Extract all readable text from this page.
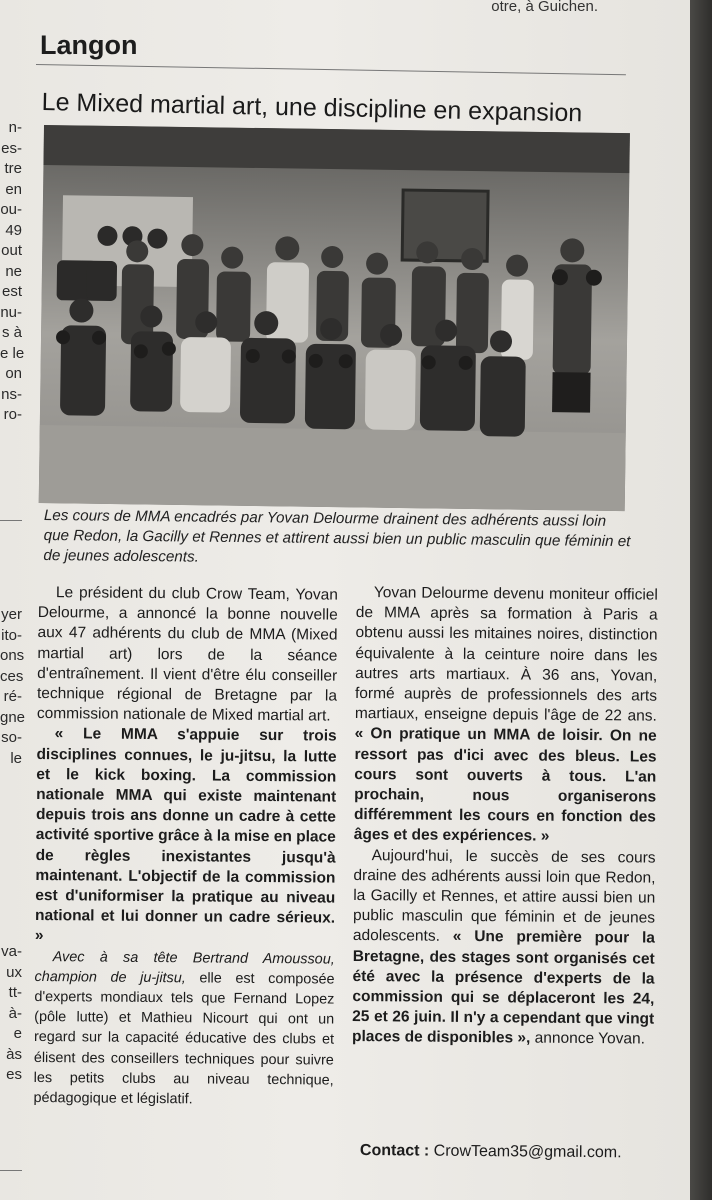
otre, à Guichen.
Langon
Le Mixed martial art, une discipline en expansion
Les cours de MMA encadrés par Yovan Delourme drainent des adhérents aussi loin que Redon, la Gacilly et Rennes et attirent aussi bien un public masculin que féminin et de jeunes adolescents.

Le président du club Crow Team, Yovan Delourme, a annoncé la bonne nouvelle aux 47 adhérents du club de MMA (Mixed martial art) lors de la séance d'entraînement. Il vient d'être élu conseiller technique régional de Bretagne par la commission nationale de Mixed martial art.

« Le MMA s'appuie sur trois disciplines connues, le ju-jitsu, la lutte et le kick boxing. La commission nationale MMA qui existe maintenant depuis trois ans donne un cadre à cette activité sportive grâce à la mise en place de règles inexistantes jusqu'à maintenant. L'objectif de la commission est d'uniformiser la pratique au niveau national et lui donner un cadre sérieux. »

Avec à sa tête Bertrand Amoussou, champion de ju-jitsu, elle est composée d'experts mondiaux tels que Fernand Lopez (pôle lutte) et Mathieu Nicourt qui ont un regard sur la capacité éducative des clubs et élisent des conseillers techniques pour suivre les petits clubs au niveau technique, pédagogique et législatif.

Yovan Delourme devenu moniteur officiel de MMA après sa formation à Paris a obtenu aussi les mitaines noires, distinction équivalente à la ceinture noire dans les autres arts martiaux. À 36 ans, Yovan, formé auprès de professionnels des arts martiaux, enseigne depuis l'âge de 22 ans. « On pratique un MMA de loisir. On ne ressort pas d'ici avec des bleus. Les cours sont ouverts à tous. L'an prochain, nous organiserons différemment les cours en fonction des âges et des expériences. »

Aujourd'hui, le succès de ses cours draine des adhérents aussi loin que Redon, la Gacilly et Rennes, et attire aussi bien un public masculin que féminin et de jeunes adolescents. « Une première pour la Bretagne, des stages sont organisés cet été avec la présence d'experts de la commission qui se déplaceront les 24, 25 et 26 juin. Il n'y a cependant que vingt places de disponibles », annonce Yovan.

Contact : CrowTeam35@gmail.com.
n-
es-
tre
en
ou-
49
out
ne
est
nu-
s à
e le
on
ns-
ro-
yer
ito-
ons
ces
ré-
gne
so-
le
va-
ux
tt-
à-
e
às
es
